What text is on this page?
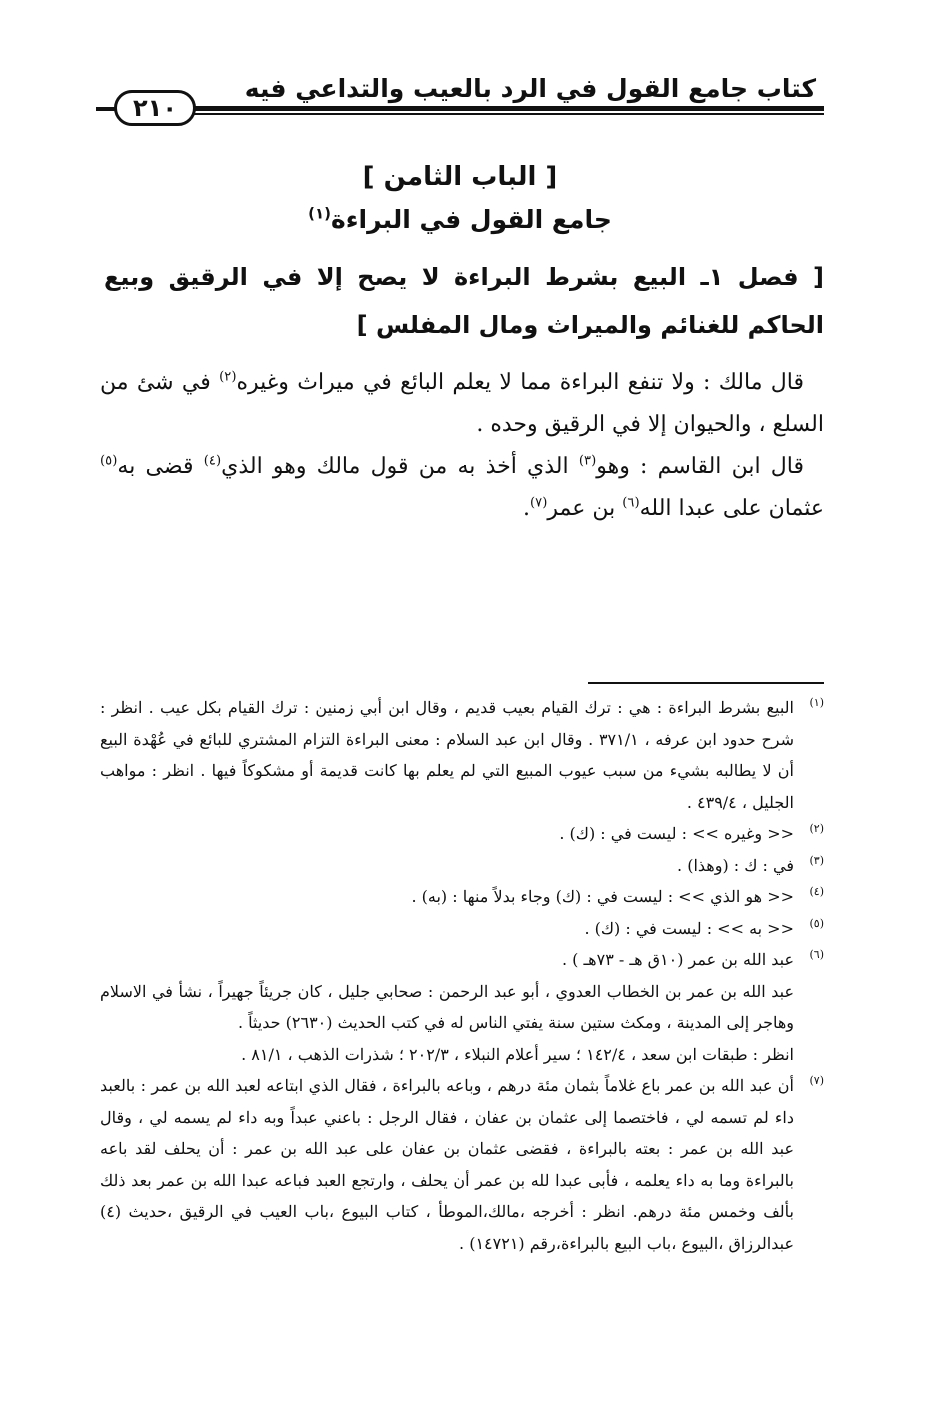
كتاب جامع القول في الرد بالعيب والتداعي فيه
٢١٠
[ الباب الثامن ]
جامع القول في البراءة$^{(١)}$
[ فصل ١ـ البيع بشرط البراءة لا يصح إلا في الرقيق وبيع الحاكم للغنائم والميراث ومال المفلس ]

قال مالك : ولا تنفع البراءة مما لا يعلم البائع في ميراث وغيره$^{(٢)}$ في شئ من السلع ، والحيوان إلا في الرقيق وحده .

قال ابن القاسم : وهو$^{(٣)}$ الذي أخذ به من قول مالك وهو الذي$^{(٤)}$ قضى به$^{(٥)}$ عثمان على عبدا الله$^{(٦)}$ بن عمر$^{(٧)}$.

(١)
البيع بشرط البراءة : هي : ترك القيام بعيب قديم ، وقال ابن أبي زمنين : ترك القيام بكل عيب . انظر : شرح حدود ابن عرفه ، ٣٧١/١ . وقال ابن عبد السلام : معنى البراءة التزام المشتري للبائع في عُهْدة البيع أن لا يطالبه بشيء من سبب عيوب المبيع التي لم يعلم بها كانت قديمة أو مشكوكاً فيها . انظر : مواهب الجليل ، ٤٣٩/٤ .

(٢)
<< وغيره >> : ليست في : (ك) .

(٣)
في : ك : (وهذا) .

(٤)
<< هو الذي >> : ليست في : (ك) وجاء بدلاً منها : (به) .

(٥)
<< به >> : ليست في : (ك) .

(٦)
عبد الله بن عمر (١٠ق هـ - ٧٣هـ ) .

عبد الله بن عمر بن الخطاب العدوي ، أبو عبد الرحمن : صحابي جليل ، كان جريئاً جهيراً ، نشأ في الاسلام وهاجر إلى المدينة ، ومكث ستين سنة يفتي الناس له في كتب الحديث (٢٦٣٠) حديثاً .

انظر : طبقات ابن سعد ، ١٤٢/٤ ؛ سير أعلام النبلاء ، ٢٠٢/٣ ؛ شذرات الذهب ، ٨١/١ .

(٧)
أن عبد الله بن عمر باع غلاماً بثمان مئة درهم ، وباعه بالبراءة ، فقال الذي ابتاعه لعبد الله بن عمر : بالعبد داء لم تسمه لي ، فاختصما إلى عثمان بن عفان ، فقال الرجل : باعني عبداً وبه داء لم يسمه لي ، وقال عبد الله بن عمر : بعته بالبراءة ، فقضى عثمان بن عفان على عبد الله بن عمر : أن يحلف لقد باعه بالبراءة وما به داء يعلمه ، فأبى عبدا لله بن عمر أن يحلف ، وارتجع العبد فباعه عبدا الله بن عمر بعد ذلك بألف وخمس مئة درهم. انظر : أخرجه ،مالك،الموطأ ، كتاب البيوع ،باب العيب في الرقيق ،حديث (٤) عبدالرزاق ،البيوع ،باب البيع بالبراءة،رقم (١٤٧٢١) .
